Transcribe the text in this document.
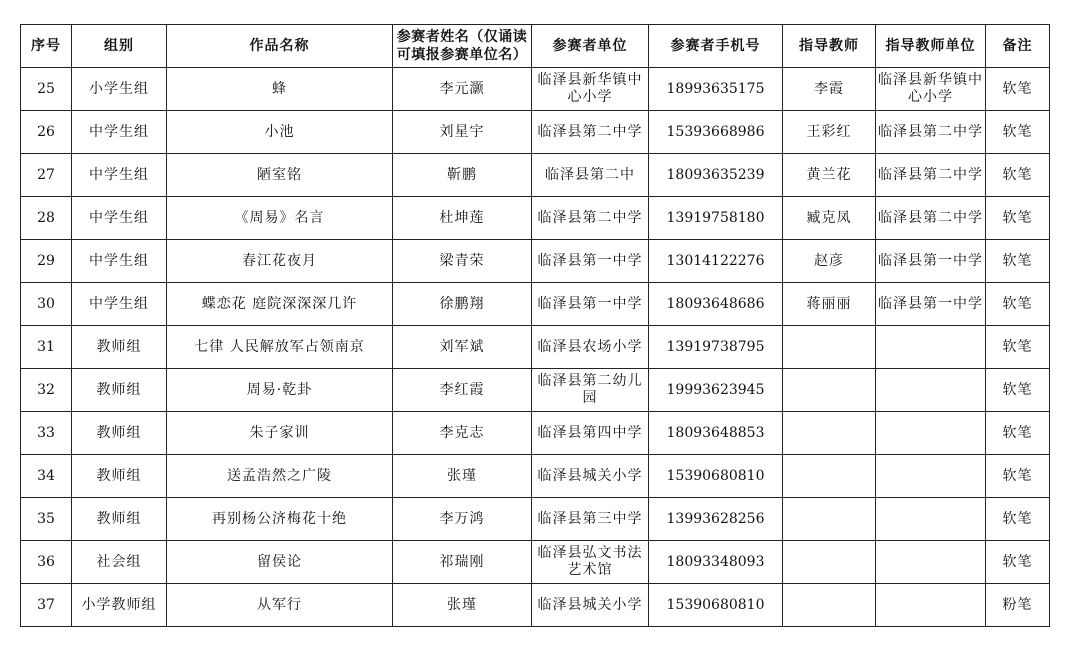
序号	组别	作品名称	参赛者姓名（仅诵读可填报参赛单位名）	参赛者单位	参赛者手机号	指导教师	指导教师单位	备注
25	小学生组	蜂	李元灏	临泽县新华镇中心小学	18993635175	李霞	临泽县新华镇中心小学	软笔
26	中学生组	小池	刘星宇	临泽县第二中学	15393668986	王彩红	临泽县第二中学	软笔
27	中学生组	陋室铭	靳鹏	临泽县第二中	18093635239	黄兰花	临泽县第二中学	软笔
28	中学生组	《周易》名言	杜坤莲	临泽县第二中学	13919758180	臧克凤	临泽县第二中学	软笔
29	中学生组	春江花夜月	梁青荣	临泽县第一中学	13014122276	赵彦	临泽县第一中学	软笔
30	中学生组	蝶恋花 庭院深深深几许	徐鹏翔	临泽县第一中学	18093648686	蒋丽丽	临泽县第一中学	软笔
31	教师组	七律 人民解放军占领南京	刘军斌	临泽县农场小学	13919738795			软笔
32	教师组	周易·乾卦	李红霞	临泽县第二幼儿园	19993623945			软笔
33	教师组	朱子家训	李克志	临泽县第四中学	18093648853			软笔
34	教师组	送孟浩然之广陵	张瑾	临泽县城关小学	15390680810			软笔
35	教师组	再别杨公济梅花十绝	李万鸿	临泽县第三中学	13993628256			软笔
36	社会组	留侯论	祁瑞刚	临泽县弘文书法艺术馆	18093348093			软笔
37	小学教师组	从军行	张瑾	临泽县城关小学	15390680810			粉笔
